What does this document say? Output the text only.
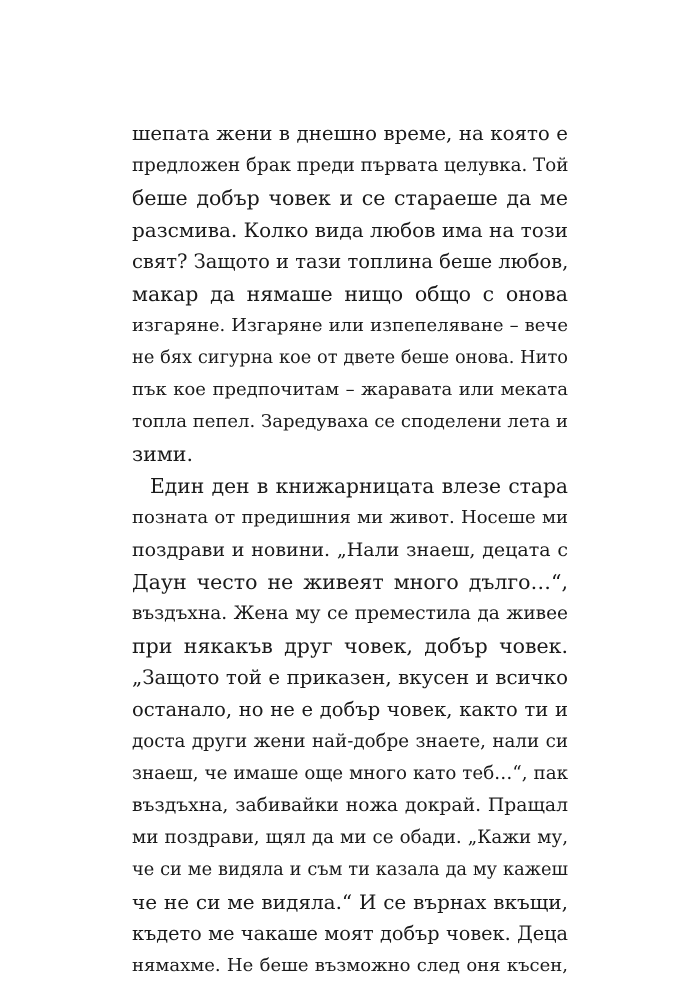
шепата жени в днешно време, на която е
предложен брак преди първата целувка. Той
беше добър човек и се стараеше да ме
разсмива. Колко вида любов има на този
свят? Защото и тази топлина беше любов,
макар да нямаше нищо общо с онова
изгаряне. Изгаряне или изпепеляване – вече
не бях сигурна кое от двете беше онова. Нито
пък кое предпочитам – жаравата или меката
топла пепел. Заредуваха се споделени лета и
зими.
Един ден в книжарницата влезе стара
позната от предишния ми живот. Носеше ми
поздрави и новини. „Нали знаеш, децата с
Даун често не живеят много дълго…“,
въздъхна. Жена му се преместила да живее
при някакъв друг човек, добър човек.
„Защото той е приказен, вкусен и всичко
останало, но не е добър човек, както ти и
доста други жени най-добре знаете, нали си
знаеш, че имаше още много като теб…“, пак
въздъхна, забивайки ножа докрай. Пращал
ми поздрави, щял да ми се обади. „Кажи му,
че си ме видяла и съм ти казала да му кажеш
че не си ме видяла.“ И се върнах вкъщи,
където ме чакаше моят добър човек. Деца
нямахме. Не беше възможно след оня късен,
